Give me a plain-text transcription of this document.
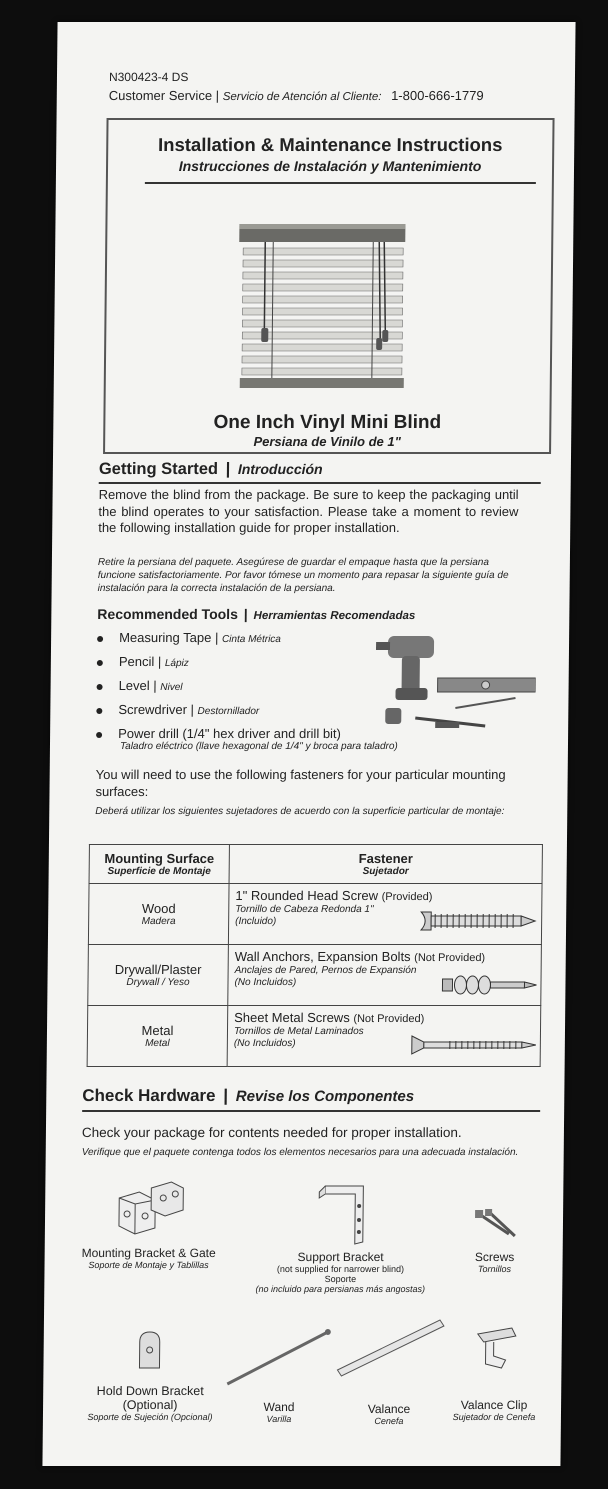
N300423-4 DS
Customer Service | Servicio de Atención al Cliente: 1-800-666-1779
Installation & Maintenance Instructions
Instrucciones de Instalación y Mantenimiento
One Inch Vinyl Mini Blind
Persiana de Vinilo de 1"
Getting Started | Introducción
Remove the blind from the package. Be sure to keep the packaging until the blind operates to your satisfaction. Please take a moment to review the following installation guide for proper installation.
Retire la persiana del paquete. Asegúrese de guardar el empaque hasta que la persiana funcione satisfactoriamente. Por favor tómese un momento para repasar la siguiente guía de instalación para la correcta instalación de la persiana.
Recommended Tools | Herramientas Recomendadas
Measuring Tape | Cinta Métrica
Pencil | Lápiz
Level | Nivel
Screwdriver | Destornillador
Power drill (1/4" hex driver and drill bit)
Taladro eléctrico (llave hexagonal de 1/4" y broca para taladro)
You will need to use the following fasteners for your particular mounting surfaces:
Deberá utilizar los siguientes sujetadores de acuerdo con la superficie particular de montaje:
Mounting Surface
Superficie de Montaje	Fastener
Sujetador

Wood
Madera	1" Rounded Head Screw (Provided)
Tornillo de Cabeza Redonda 1"
(Incluido)

Drywall/Plaster
Drywall / Yeso	Wall Anchors, Expansion Bolts (Not Provided)
Anclajes de Pared, Pernos de Expansión
(No Incluidos)

Metal
Metal	Sheet Metal Screws (Not Provided)
Tornillos de Metal Laminados
(No Incluidos)
Check Hardware | Revise los Componentes
Check your package for contents needed for proper installation.
Verifique que el paquete contenga todos los elementos necesarios para una adecuada instalación.
Mounting Bracket & Gate
Soporte de Montaje y Tablillas
Support Bracket
(not supplied for narrower blind)
Soporte
(no incluido para persianas más angostas)
Screws
Tornillos
Hold Down Bracket
(Optional)
Soporte de Sujeción (Opcional)
Wand
Varilla
Valance
Cenefa
Valance Clip
Sujetador de Cenefa
